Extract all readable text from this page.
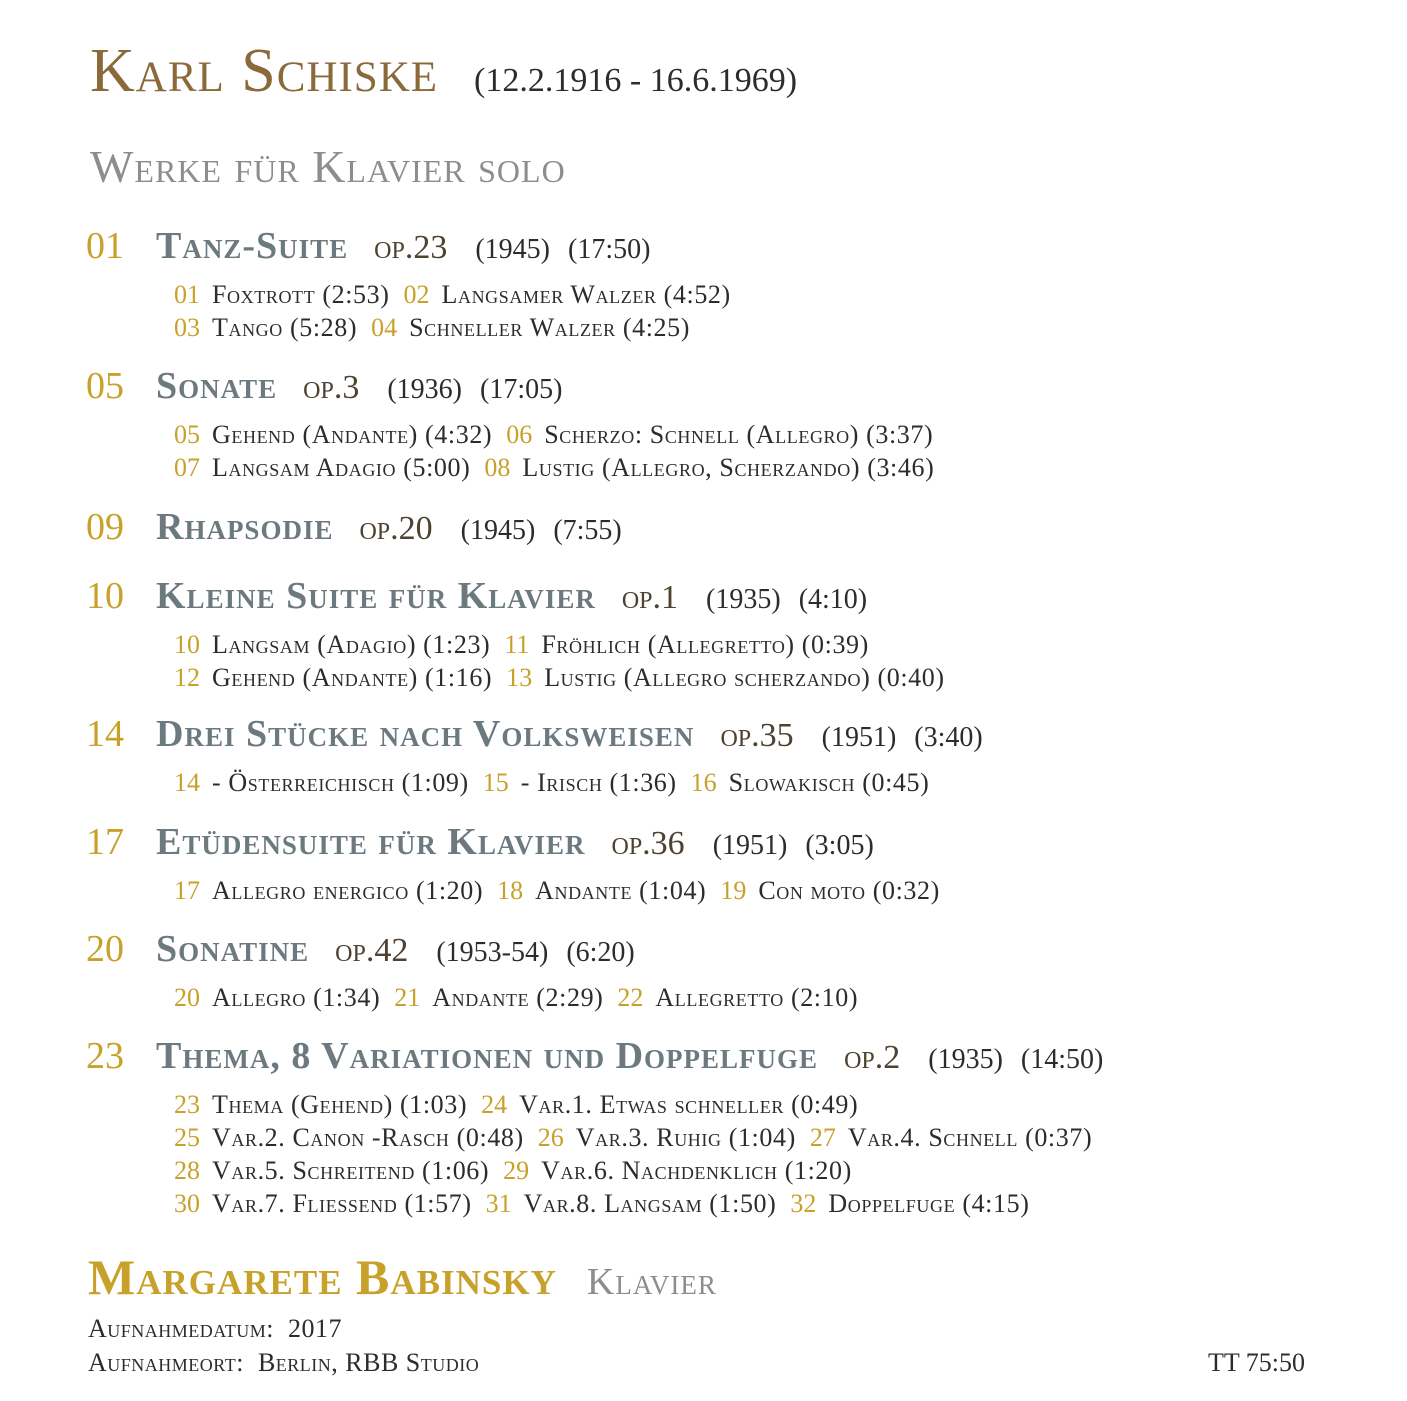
Karl Schiske (12.2.1916 - 16.6.1969)
Werke für Klavier solo
01 Tanz-Suite op.23 (1945) (17:50)
01 Foxtrott (2:53) 02 Langsamer Walzer (4:52)
03 Tango (5:28) 04 Schneller Walzer (4:25)
05 Sonate op.3 (1936) (17:05)
05 Gehend (Andante) (4:32) 06 Scherzo: Schnell (Allegro) (3:37)
07 Langsam Adagio (5:00) 08 Lustig (Allegro, Scherzando) (3:46)
09 Rhapsodie op.20 (1945) (7:55)
10 Kleine Suite für Klavier op.1 (1935) (4:10)
10 Langsam (Adagio) (1:23) 11 Fröhlich (Allegretto) (0:39)
12 Gehend (Andante) (1:16) 13 Lustig (Allegro scherzando) (0:40)
14 Drei Stücke nach Volksweisen op.35 (1951) (3:40)
14 - Österreichisch (1:09) 15 - Irisch (1:36) 16 Slowakisch (0:45)
17 Etüdensuite für Klavier op.36 (1951) (3:05)
17 Allegro energico (1:20) 18 Andante (1:04) 19 Con moto (0:32)
20 Sonatine op.42 (1953-54) (6:20)
20 Allegro (1:34) 21 Andante (2:29) 22 Allegretto (2:10)
23 Thema, 8 Variationen und Doppelfuge op.2 (1935) (14:50)
23 Thema (Gehend) (1:03) 24 Var.1. Etwas schneller (0:49)
25 Var.2. Canon -Rasch (0:48) 26 Var.3. Ruhig (1:04) 27 Var.4. Schnell (0:37)
28 Var.5. Schreitend (1:06) 29 Var.6. Nachdenklich (1:20)
30 Var.7. Fliessend (1:57) 31 Var.8. Langsam (1:50) 32 Doppelfuge (4:15)
Margarete Babinsky Klavier
Aufnahmedatum: 2017
Aufnahmeort: Berlin, RBB Studio	TT 75:50
